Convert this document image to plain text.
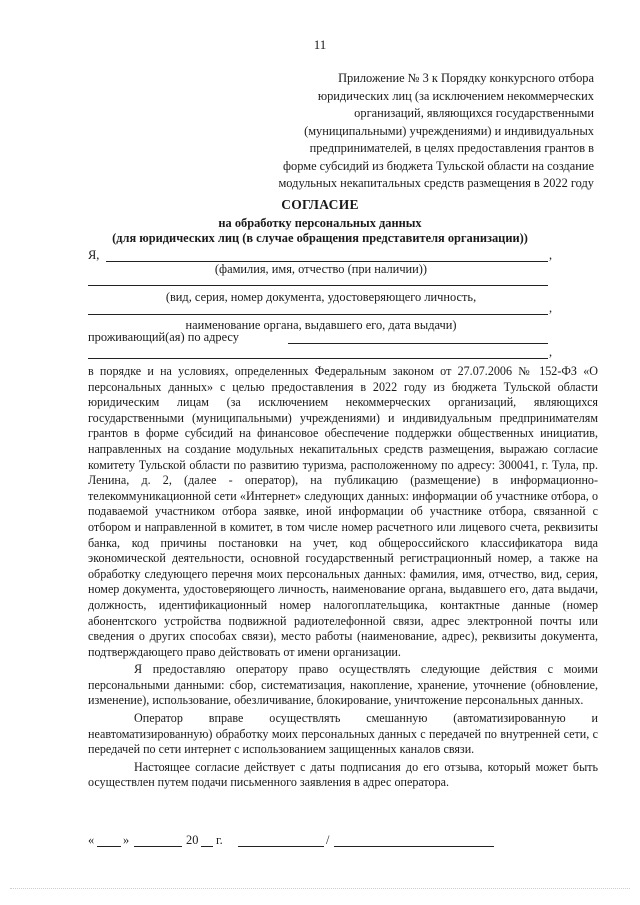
11
Приложение № 3 к Порядку конкурсного отбора
юридических лиц (за исключением некоммерческих
организаций, являющихся государственными
(муниципальными) учреждениями) и индивидуальных
предпринимателей, в целях предоставления грантов в
форме субсидий из бюджета Тульской области на создание
модульных некапитальных средств размещения в 2022 году
СОГЛАСИЕ
на обработку персональных данных
(для юридических лиц (в случае обращения представителя организации))
Я,	,
(фамилия, имя, отчество (при наличии))
(вид, серия, номер документа, удостоверяющего личность,
,
наименование органа, выдавшего его, дата выдачи)
проживающий(ая) по адресу
,

в порядке и на условиях, определенных Федеральным законом от 27.07.2006 № 152-ФЗ «О персональных данных» с целью предоставления в 2022 году из бюджета Тульской области юридическим лицам (за исключением некоммерческих организаций, являющихся государственными (муниципальными) учреждениями) и индивидуальным предпринимателям грантов в форме субсидий на финансовое обеспечение поддержки общественных инициатив, направленных на создание модульных некапитальных средств размещения, выражаю согласие комитету Тульской области по развитию туризма, расположенному по адресу: 300041, г. Тула, пр. Ленина, д. 2, (далее - оператор), на публикацию (размещение) в информационно-телекоммуникационной сети «Интернет» следующих данных: информации об участнике отбора, о подаваемой участником отбора заявке, иной информации об участнике отбора, связанной с отбором и направленной в комитет, в том числе номер расчетного или лицевого счета, реквизиты банка, код причины постановки на учет, код общероссийского классификатора вида экономической деятельности, основной государственный регистрационный номер, а также на обработку следующего перечня моих персональных данных: фамилия, имя, отчество, вид, серия, номер документа, удостоверяющего личность, наименование органа, выдавшего его, дата выдачи, должность, идентификационный номер налогоплательщика, контактные данные (номер абонентского устройства подвижной радиотелефонной связи, адрес электронной почты или сведения о других способах связи), место работы (наименование, адрес), реквизиты документа, подтверждающего право действовать от имени организации.

Я предоставляю оператору право осуществлять следующие действия с моими персональными данными: сбор, систематизация, накопление, хранение, уточнение (обновление, изменение), использование, обезличивание, блокирование, уничтожение персональных данных.

Оператор вправе осуществлять смешанную (автоматизированную и неавтоматизированную) обработку моих персональных данных с передачей по внутренней сети, с передачей по сети интернет с использованием защищенных каналов связи.

Настоящее согласие действует с даты подписания до его отзыва, который может быть осуществлен путем подачи письменного заявления в адрес оператора.

« »	20 г.	/
